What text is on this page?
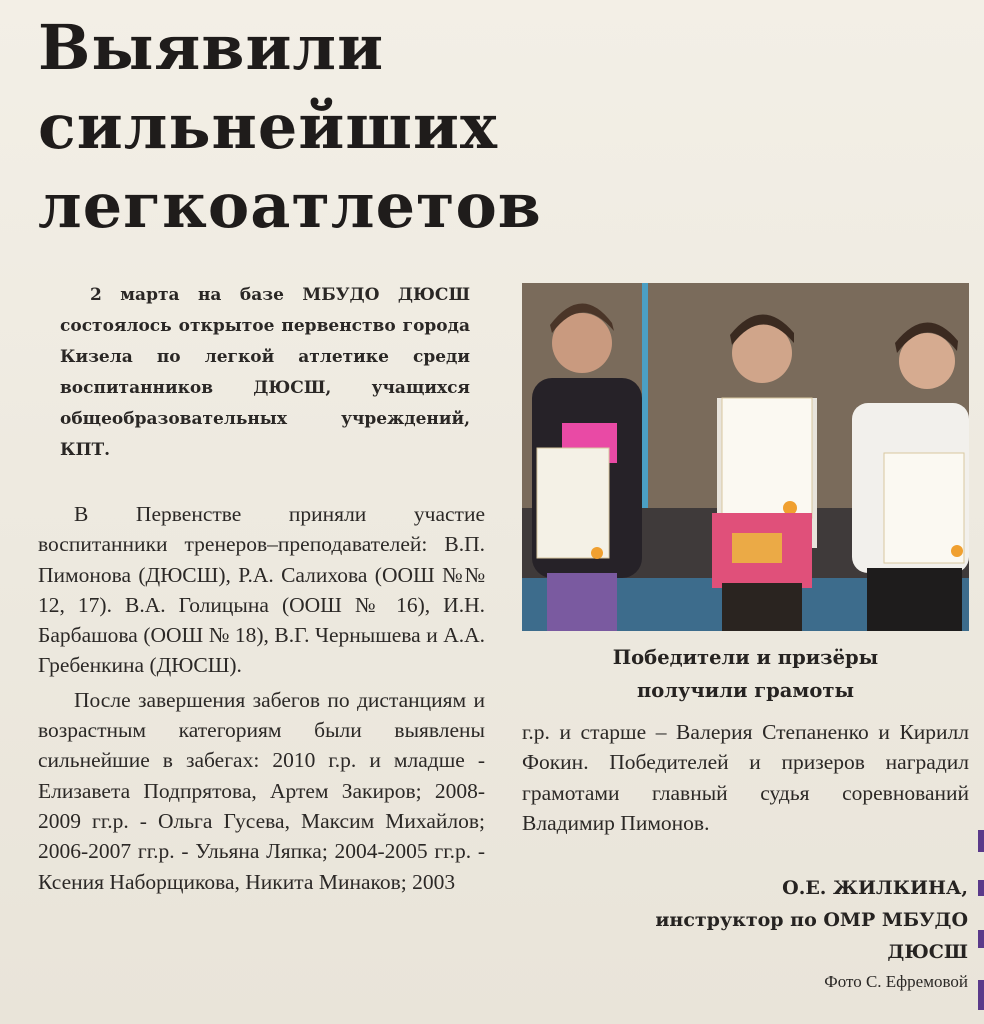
Выявили
сильнейших
легкоатлетов
2 марта на базе МБУДО ДЮСШ состоялось открытое первенство города Кизела по легкой атлетике среди воспитанников ДЮСШ, учащихся общеобразовательных учреждений, КПТ.

В Первенстве приняли участие воспитанники тренеров–преподавателей: В.П. Пимонова (ДЮСШ), Р.А. Салихова (ООШ №№ 12, 17). В.А. Голицына (ООШ № 16), И.Н. Барбашова (ООШ № 18), В.Г. Чернышева и А.А. Гребенкина (ДЮСШ).

После завершения забегов по дистанциям и возрастным категориям были выявлены сильнейшие в забегах: 2010 г.р. и младше - Елизавета Подпрятова, Артем Закиров; 2008-2009 гг.р. - Ольга Гусева, Максим Михайлов; 2006-2007 гг.р. - Ульяна Ляпка; 2004-2005 гг.р. - Ксения Наборщикова, Никита Минаков; 2003

Победители и призёры
получили грамоты

г.р. и старше – Валерия Степаненко и Кирилл Фокин. Победителей и призеров наградил грамотами главный судья соревнований Владимир Пимонов.

О.Е. ЖИЛКИНА,
инструктор по ОМР МБУДО
ДЮСШ
Фото С. Ефремовой
